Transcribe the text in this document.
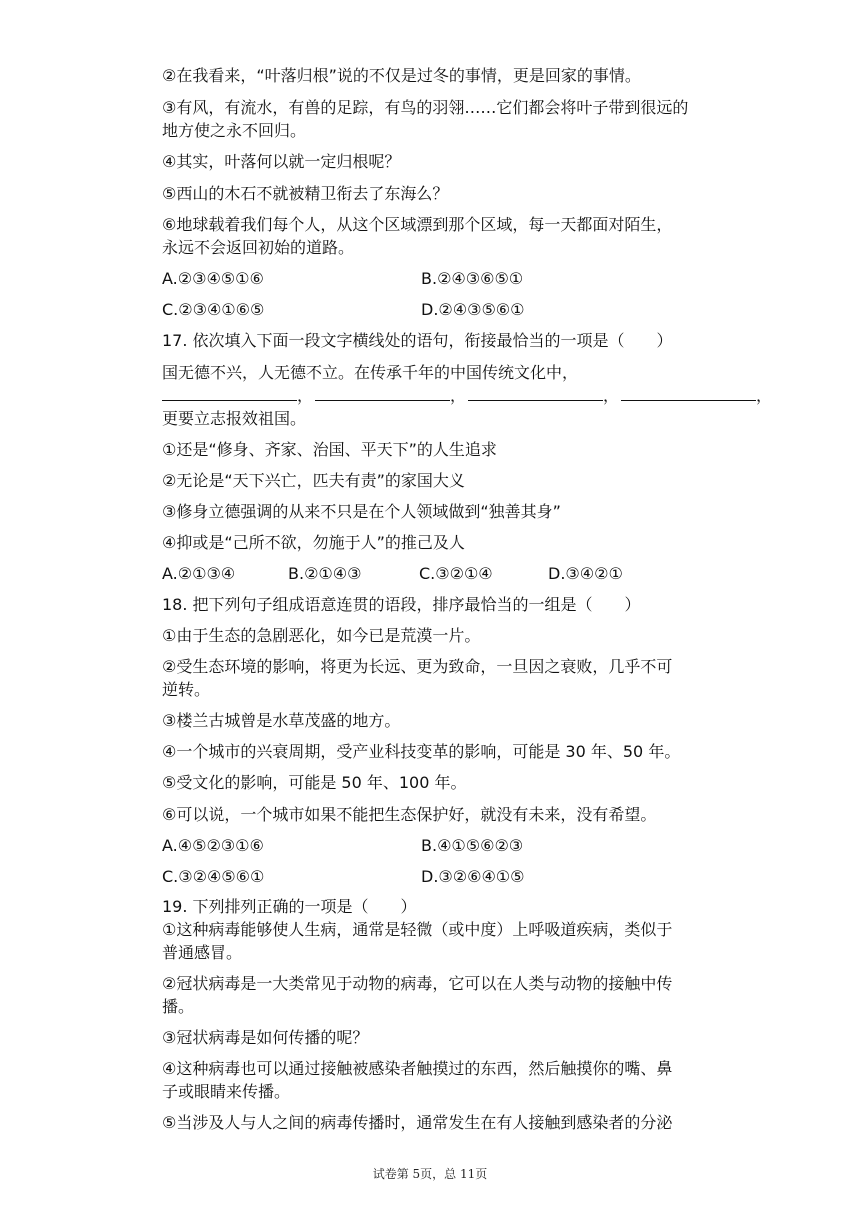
②在我看来，“叶落归根”说的不仅是过冬的事情，更是回家的事情。
③有风，有流水，有兽的足踪，有鸟的羽翎……它们都会将叶子带到很远的
地方使之永不回归。
④其实，叶落何以就一定归根呢？
⑤西山的木石不就被精卫衔去了东海么？
⑥地球载着我们每个人，从这个区域漂到那个区域，每一天都面对陌生，
永远不会返回初始的道路。
A.②③④⑤①⑥	B.②④③⑥⑤①
C.②③④①⑥⑤	D.②④③⑤⑥①
17. 依次填入下面一段文字横线处的语句，衔接最恰当的一项是（　　）
国无德不兴，人无德不立。在传承千年的中国传统文化中，
，	，	，	，
更要立志报效祖国。
①还是“修身、齐家、治国、平天下”的人生追求
②无论是“天下兴亡，匹夫有责”的家国大义
③修身立德强调的从来不只是在个人领域做到“独善其身”
④抑或是“己所不欲，勿施于人”的推己及人
A.②①③④	B.②①④③	C.③②①④	D.③④②①
18. 把下列句子组成语意连贯的语段，排序最恰当的一组是（　　）
①由于生态的急剧恶化，如今已是荒漠一片。
②受生态环境的影响，将更为长远、更为致命，一旦因之衰败，几乎不可
逆转。
③楼兰古城曾是水草茂盛的地方。
④一个城市的兴衰周期，受产业科技变革的影响，可能是 30 年、50 年。
⑤受文化的影响，可能是 50 年、100 年。
⑥可以说，一个城市如果不能把生态保护好，就没有未来，没有希望。
A.④⑤②③①⑥	B.④①⑤⑥②③
C.③②④⑤⑥①	D.③②⑥④①⑤
19. 下列排列正确的一项是（　　）
①这种病毒能够使人生病，通常是轻微（或中度）上呼吸道疾病，类似于
普通感冒。
②冠状病毒是一大类常见于动物的病毒，它可以在人类与动物的接触中传
播。
③冠状病毒是如何传播的呢？
④这种病毒也可以通过接触被感染者触摸过的东西，然后触摸你的嘴、鼻
子或眼睛来传播。
⑤当涉及人与人之间的病毒传播时，通常发生在有人接触到感染者的分泌
试卷第 5页，总 11页
